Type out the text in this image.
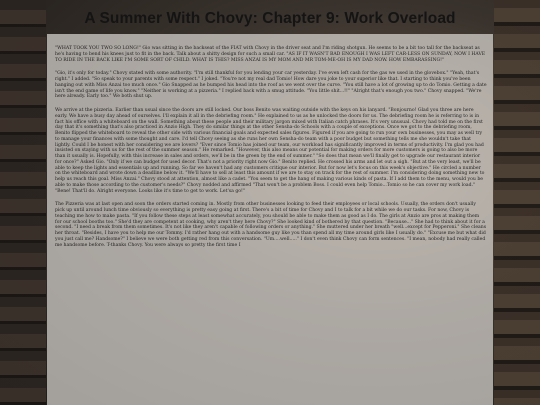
A Summer With Chovy: Chapter 9: Work Overload

"WHAT TOOK YOU TWO SO LONG!" Gio was sitting in the backseat of the FIAT with Chovy in the driver seat and I'm riding shotgun. He seems to be a bit too tall for the backseat as he's having to bend his knees just to fit in the back. Talk about a shitty design for such a small car. "AS IF IT WASN'T BAD ENOUGH I WAS LEFT CAR-LESS ON SUNDAY, NOW I HAVE TO RIDE IN THE BACK LIKE I'M SOME SORT OF CHILD. WHAT IS THIS? MISS ANZAI IS MY MOM AND MR TOM-ME-OH IS MY DAD NOW. HOW EMBARASSING!"

"Gio, it's only for today." Chovy stated with some authority. "I'm still thankful for you lending your car yesterday. I've even left cash for the gas we used in the glovebox." "Yeah, that's right." I added. "So speak to your parents with some respect." I joked. "You're not my real dad Tomio! How dare you joke to your superior like that. I starting to think you've been hanging out with Miss Anzai too much once." Gio Snapped as he bumped his head into the roof as we went over the curve. "You still have a lot of growing up to do Tomio. Getting a date isn't the end game of life you know." "Neither is working at a pizzeria." I replied back with a smug attitude. "You little shit...!!" "Alright that's enough you two." Chovy snapped. "We're here already. Early too." We both shut up.

We arrive at the pizzeria. Earlier than usual since the doors are still locked. Our boss Benito was waiting outside with the keys on his lanyard. "Bonjourno! Glad you three are here early. We have a busy day ahead of ourselves. I'll explain it all in the debriefing room." He explained to us as he unlocked the doors for us. The debriefing room he is referring to is in fact his office with a whiteboard on the wall. Something about these people and their military jargon mixed with Italian catch phrases. It's very unusual. Chovy had told me on the first day that it's something that's also practiced in Anzio High. They do similar things at the other Sensha-do Schools with a couple of exceptions. Once we got to the debriefing room, Benito flipped the whiteboard to reveal the other side with various financial goals and expected sales figures. Figured if you are going to run your own businesses, you may as well try to manage your finances with some thought and care. I'd tell Chovy seeing as she runs her own Sensha-do team with a poor budget but something tells me she wouldn't take that lightly. Could I be honest with her considering we are lovers? "Ever since Tomio has joined our team, our workload has significantly improved in terms of productivity. I'm glad you had insisted on staying with us for the rest of the summer season." He remarked. "However, this also means our potential for making orders for more customers is going to also be more than it usually is. Hopefully, with this increase in sales and orders, we'll be in the green by the end of summer." "So does that mean we'll finally get to upgrade our restaurant interior for once?" Asked Gio. "Only if we can budget for used decor. That's not a priority right now Gio." Benito replied. He crossed his arms and let out a sigh. "But at the very least, we'll be able to keep the lights and essentials up and running. So far we haven't had any customers critique our interior. But for now let's focus on this week's objective." He circled a number on the whiteboard and wrote down a deadline below it. "We'll have to sell at least this amount if we are to stay on track for the rest of summer. I'm considering doing something new to help us reach this goal. Miss Anzai." Chovy stood at attention, almost like a cadet. "You seem to get the hang of making various kinds of pasta. If I add them to the menu, would you be able to make those according to the customer's needs?" Chovy nodded and affirmed "That won't be a problem Boss. I could even help Tomio...Tomio so he can cover my work load." "Bene! That'll do. Alright everyone. Looks like it's time to get to work. Let'sa go!"

The Pizzeria was at last open and soon the orders started coming in. Mostly from other businesses looking to feed their employees or local schools. Usually, the orders don't usually pick up until around lunch time obviously so everything is pretty easy going at first. There's a bit of time for Chovy and I to talk for a bit while we do our tasks. For now, Chovy is teaching me how to make pasta. "If you follow these steps at least somewhat accurately, you should be able to make them as good as I do. The girls at Anzio are pros at making them for our school booths too." She'd they are competent at cooking, why aren't they here Chovy?" She looked kind of bothered by that question. "Because..." She had to think about it for a second. "I need a break from them sometimes. It's not like they aren't capable of following orders or anything." She muttered under her breath "well...except for Pepperoni." She cleans her throat. "Besides, I have you to help me our Tommy. I'd rather hang out with a handsome guy like you than spend all my time around girls like I usually do." "Excuse me but what did you just call me? Handsome?" I believe we were both getting red from this conversation. "Um....well....." I don't even think Chovy can form sentences. "I mean, nobody had really called me handsome before. T-thanks Chovy. You were always so pretty the first time I
